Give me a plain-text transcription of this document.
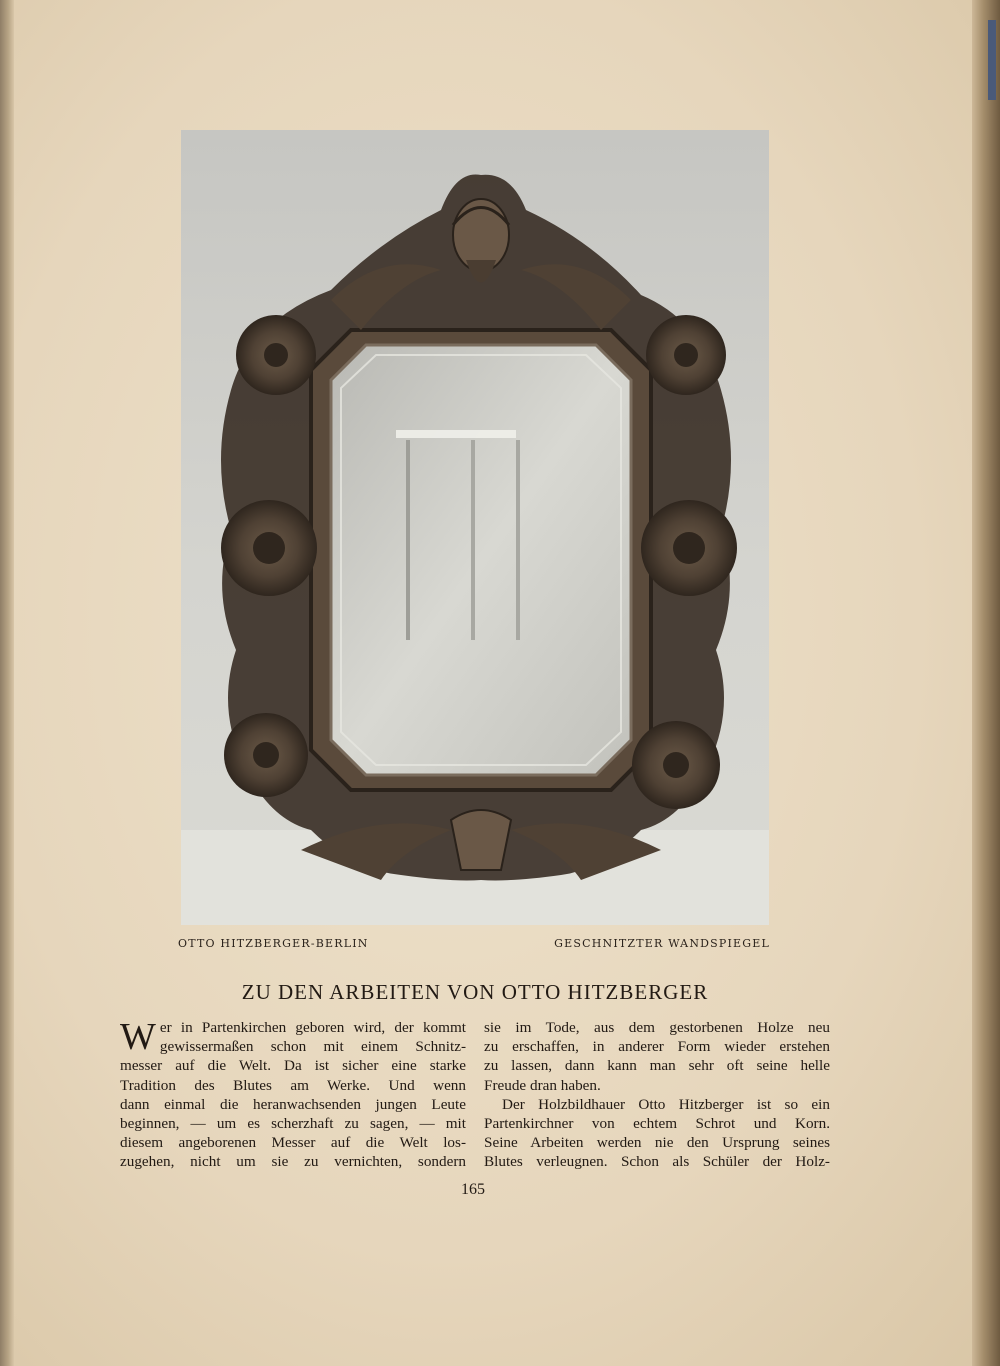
OTTO HITZBERGER-BERLIN	GESCHNITZTER WANDSPIEGEL
ZU DEN ARBEITEN VON OTTO HITZBERGER
W er in Partenkirchen geboren wird, der kommt
gewissermaßen schon mit einem Schnitz-
messer auf die Welt. Da ist sicher eine starke
Tradition des Blutes am Werke. Und wenn
dann einmal die heranwachsenden jungen Leute
beginnen, — um es scherzhaft zu sagen, — mit
diesem angeborenen Messer auf die Welt los-
zugehen, nicht um sie zu vernichten, sondern
sie im Tode, aus dem gestorbenen Holze neu
zu erschaffen, in anderer Form wieder erstehen
zu lassen, dann kann man sehr oft seine helle
Freude dran haben.
Der Holzbildhauer Otto Hitzberger ist so ein
Partenkirchner von echtem Schrot und Korn.
Seine Arbeiten werden nie den Ursprung seines
Blutes verleugnen. Schon als Schüler der Holz-
165
